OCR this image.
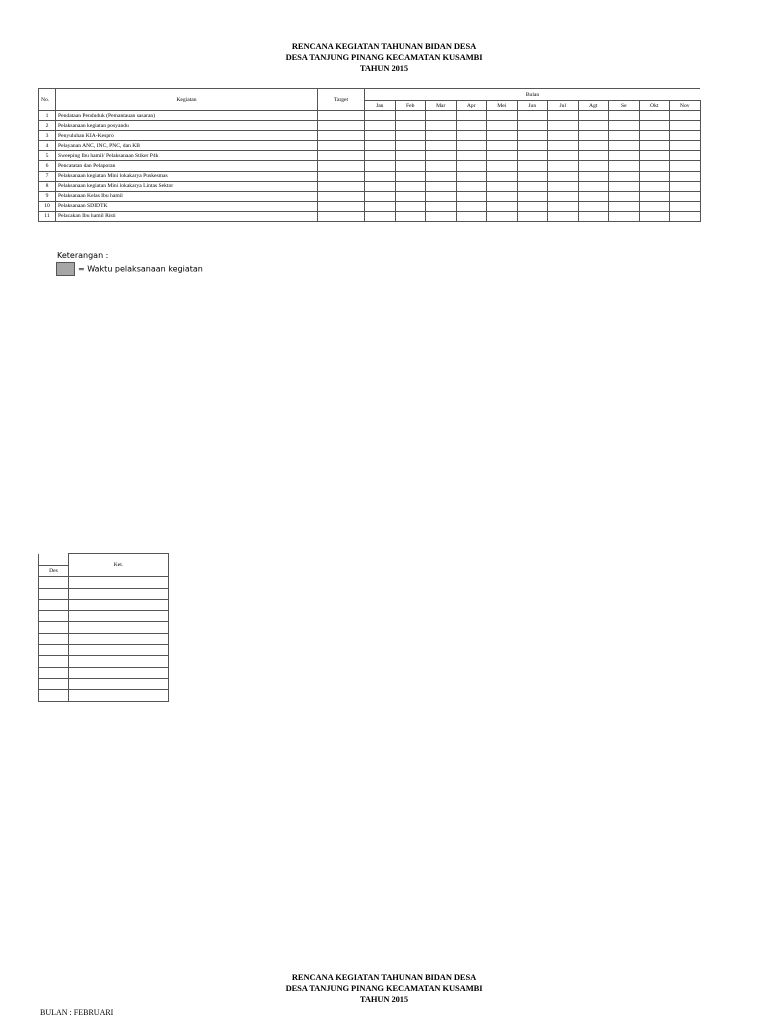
RENCANA KEGIATAN TAHUNAN BIDAN DESA
DESA TANJUNG PINANG KECAMATAN KUSAMBI
TAHUN 2015
No.	Kegiatan	Target	Bulan										
			Jan	Feb	Mar	Apr	Mei	Jun	Jul	Agt	Se	Okt	Nov
1	Pendataan Penduduk (Pemantauan sasaran)												
2	Pelaksanaan kegiatan posyandu												
3	Penyuluhan KIA-Kespro												
4	Pelayanan ANC, INC, PNC, dan KB												
5	Sweeping Ibu hamil/ Pelaksanaan Stiker P4k												
6	Pencatatan dan Pelaporan												
7	Pelaksanaan kegiatan Mini lokakarya Puskesmas												
8	Pelaksanaan kegiatan Mini lokakarya Lintas Sektor												
9	Pelaksanaan Kelas Ibu hamil												
10	Pelaksanaan SDIDTK												
11	Pelacakan Ibu hamil Risti												
Keterangan :
= Waktu pelaksanaan kegiatan
	Ket.
Des	

RENCANA KEGIATAN TAHUNAN BIDAN DESA
DESA TANJUNG PINANG KECAMATAN KUSAMBI
TAHUN 2015
BULAN : FEBRUARI
